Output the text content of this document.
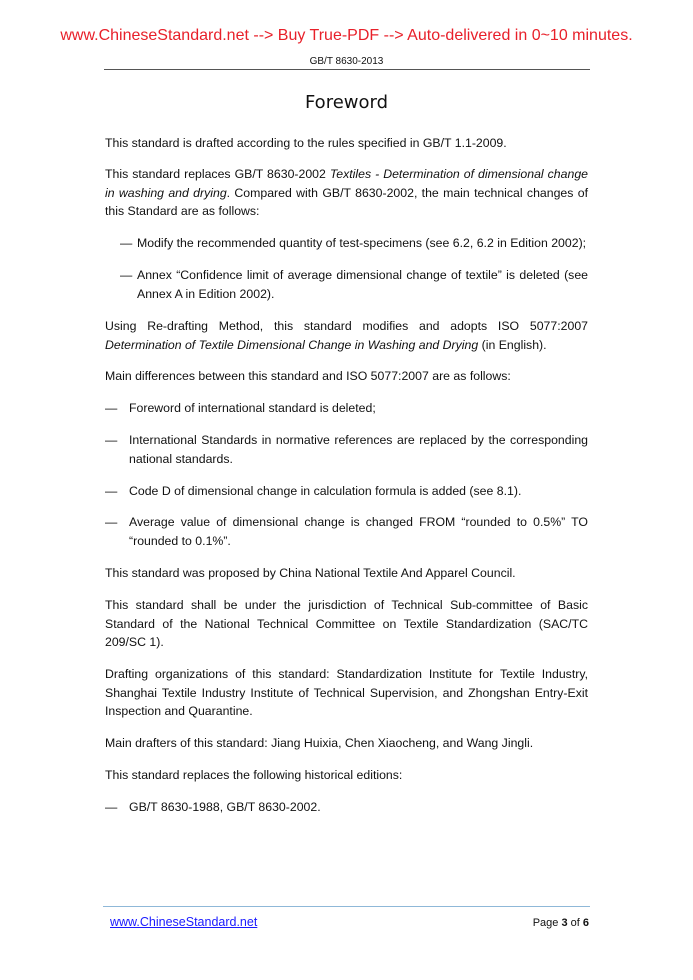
www.ChineseStandard.net --> Buy True-PDF --> Auto-delivered in 0~10 minutes.
GB/T 8630-2013
Foreword
This standard is drafted according to the rules specified in GB/T 1.1-2009.
This standard replaces GB/T 8630-2002 Textiles - Determination of dimensional change in washing and drying. Compared with GB/T 8630-2002, the main technical changes of this Standard are as follows:
— Modify the recommended quantity of test-specimens (see 6.2, 6.2 in Edition 2002);
— Annex “Confidence limit of average dimensional change of textile” is deleted (see Annex A in Edition 2002).
Using Re-drafting Method, this standard modifies and adopts ISO 5077:2007 Determination of Textile Dimensional Change in Washing and Drying (in English).
Main differences between this standard and ISO 5077:2007 are as follows:
— Foreword of international standard is deleted;
— International Standards in normative references are replaced by the corresponding national standards.
— Code D of dimensional change in calculation formula is added (see 8.1).
— Average value of dimensional change is changed FROM “rounded to 0.5%” TO “rounded to 0.1%”.
This standard was proposed by China National Textile And Apparel Council.
This standard shall be under the jurisdiction of Technical Sub-committee of Basic Standard of the National Technical Committee on Textile Standardization (SAC/TC 209/SC 1).
Drafting organizations of this standard: Standardization Institute for Textile Industry, Shanghai Textile Industry Institute of Technical Supervision, and Zhongshan Entry-Exit Inspection and Quarantine.
Main drafters of this standard: Jiang Huixia, Chen Xiaocheng, and Wang Jingli.
This standard replaces the following historical editions:
— GB/T 8630-1988, GB/T 8630-2002.
www.ChineseStandard.net	Page 3 of 6
